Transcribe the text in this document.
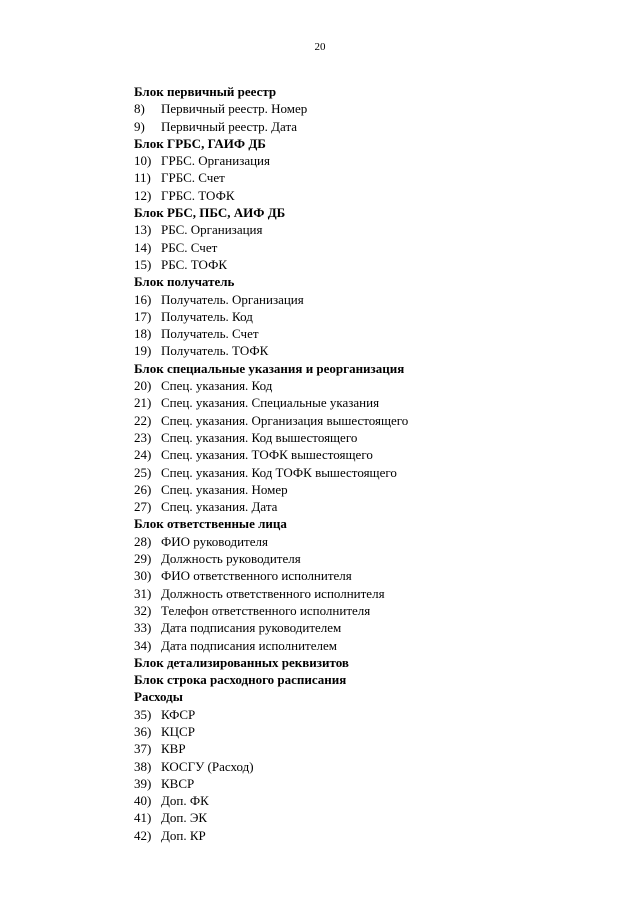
20
Блок первичный реестр
8) Первичный реестр. Номер
9) Первичный реестр. Дата
Блок ГРБС, ГАИФ ДБ
10) ГРБС. Организация
11) ГРБС. Счет
12) ГРБС. ТОФК
Блок РБС, ПБС, АИФ ДБ
13) РБС. Организация
14) РБС. Счет
15) РБС. ТОФК
Блок получатель
16) Получатель. Организация
17) Получатель. Код
18) Получатель. Счет
19) Получатель. ТОФК
Блок специальные указания и реорганизация
20) Спец. указания. Код
21) Спец. указания. Специальные указания
22) Спец. указания. Организация вышестоящего
23) Спец. указания. Код вышестоящего
24) Спец. указания. ТОФК вышестоящего
25) Спец. указания. Код ТОФК вышестоящего
26) Спец. указания. Номер
27) Спец. указания. Дата
Блок ответственные лица
28) ФИО руководителя
29) Должность руководителя
30) ФИО ответственного исполнителя
31) Должность ответственного исполнителя
32) Телефон ответственного исполнителя
33) Дата подписания руководителем
34) Дата подписания исполнителем
Блок детализированных реквизитов
Блок строка расходного расписания
Расходы
35) КФСР
36) КЦСР
37) КВР
38) КОСГУ (Расход)
39) КВСР
40) Доп. ФК
41) Доп. ЭК
42) Доп. КР
